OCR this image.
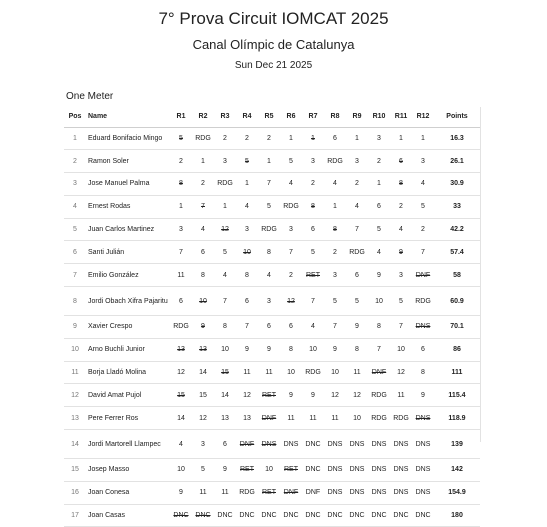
7° Prova Circuit IOMCAT 2025
Canal Olímpic de Catalunya
Sun Dec 21 2025
One Meter
Pos	Name	R1	R2	R3	R4	R5	R6	R7	R8	R9	R10	R11	R12	Points
1	Eduard Bonifacio Mingo	5	RDG	2	2	2	1	1	6	1	3	1	1	16.3
2	Ramon Soler	2	1	3	5	1	5	3	RDG	3	2	6	3	26.1
3	Jose Manuel Palma	8	2	RDG	1	7	4	2	4	2	1	8	4	30.9
4	Ernest Rodas	1	7	1	4	5	RDG	8	1	4	6	2	5	33
5	Juan Carlos Martinez	3	4	12	3	RDG	3	6	8	7	5	4	2	42.2
6	Santi Julián	7	6	5	10	8	7	5	2	RDG	4	9	7	57.4
7	Emilio González	11	8	4	8	4	2	RET	3	6	9	3	DNF	58
8	Jordi Obach Xifra Pajaritu	6	10	7	6	3	12	7	5	5	10	5	RDG	60.9
9	Xavier Crespo	RDG	9	8	7	6	6	4	7	9	8	7	DNS	70.1
10	Arno Buchli Junior	13	13	10	9	9	8	10	9	8	7	10	6	86
11	Borja Lladó Molina	12	14	15	11	11	10	RDG	10	11	DNF	12	8	111
12	David Amat Pujol	15	15	14	12	RET	9	9	12	12	RDG	11	9	115.4
13	Pere Ferrer Ros	14	12	13	13	DNF	11	11	11	10	RDG	RDG	DNS	118.9
14	Jordi Martorell Llampec	4	3	6	DNF	DNS	DNS	DNC	DNS	DNS	DNS	DNS	DNS	139
15	Josep Masso	10	5	9	RET	10	RET	DNC	DNS	DNS	DNS	DNS	DNS	142
16	Joan Conesa	9	11	11	RDG	RET	DNF	DNF	DNS	DNS	DNS	DNS	DNS	154.9
17	Joan Casas	DNC	DNC	DNC	DNC	DNC	DNC	DNC	DNC	DNC	DNC	DNC	DNC	180
